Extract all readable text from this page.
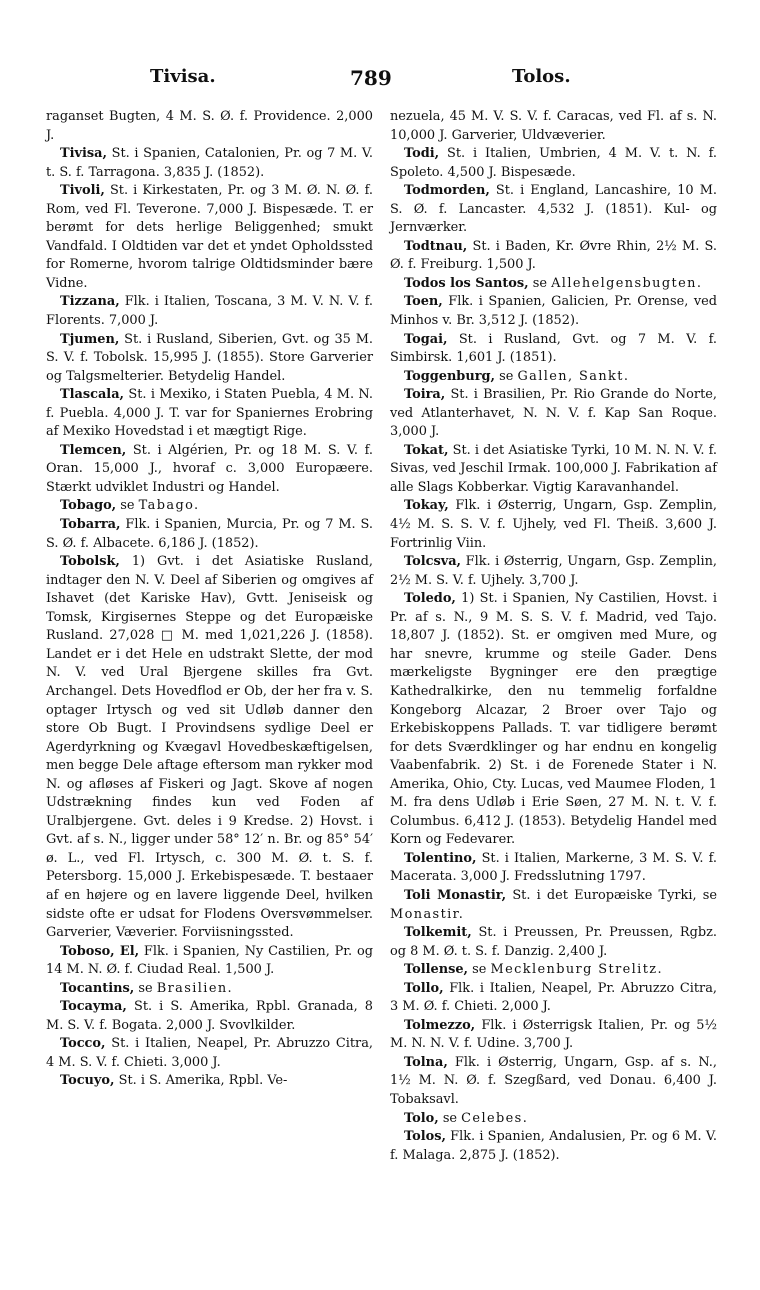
Tivisa.	789	Tolos.

raganset Bugten, 4 M. S. Ø. f. Providence. 2,000 J.

Tivisa, St. i Spanien, Catalonien, Pr. og 7 M. V. t. S. f. Tarragona. 3,835 J. (1852).

Tivoli, St. i Kirkestaten, Pr. og 3 M. Ø. N. Ø. f. Rom, ved Fl. Teverone. 7,000 J. Bispesæde. T. er berømt for dets herlige Beliggenhed; smukt Vandfald. I Oldtiden var det et yndet Opholdssted for Romerne, hvorom talrige Oldtidsminder bære Vidne.

Tizzana, Flk. i Italien, Toscana, 3 M. V. N. V. f. Florents. 7,000 J.

Tjumen, St. i Rusland, Siberien, Gvt. og 35 M. S. V. f. Tobolsk. 15,995 J. (1855). Store Garverier og Talgsmelterier. Betydelig Handel.

Tlascala, St. i Mexiko, i Staten Puebla, 4 M. N. f. Puebla. 4,000 J. T. var for Spaniernes Erobring af Mexiko Hovedstad i et mægtigt Rige.

Tlemcen, St. i Algérien, Pr. og 18 M. S. V. f. Oran. 15,000 J., hvoraf c. 3,000 Europæere. Stærkt udviklet Industri og Handel.

Tobago, se Tabago.

Tobarra, Flk. i Spanien, Murcia, Pr. og 7 M. S. S. Ø. f. Albacete. 6,186 J. (1852).

Tobolsk, 1) Gvt. i det Asiatiske Rusland, indtager den N. V. Deel af Siberien og omgives af Ishavet (det Kariske Hav), Gvtt. Jeniseisk og Tomsk, Kirgisernes Steppe og det Europæiske Rusland. 27,028 □ M. med 1,021,226 J. (1858). Landet er i det Hele en udstrakt Slette, der mod N. V. ved Ural Bjergene skilles fra Gvt. Archangel. Dets Hovedflod er Ob, der her fra v. S. optager Irtysch og ved sit Udløb danner den store Ob Bugt. I Provindsens sydlige Deel er Agerdyrkning og Kvægavl Hovedbeskæftigelsen, men begge Dele aftage eftersom man rykker mod N. og afløses af Fiskeri og Jagt. Skove af nogen Udstrækning findes kun ved Foden af Uralbjergene. Gvt. deles i 9 Kredse. 2) Hovst. i Gvt. af s. N., ligger under 58° 12′ n. Br. og 85° 54′ ø. L., ved Fl. Irtysch, c. 300 M. Ø. t. S. f. Petersborg. 15,000 J. Erkebispesæde. T. bestaaer af en højere og en lavere liggende Deel, hvilken sidste ofte er udsat for Flodens Oversvømmelser. Garverier, Væverier. Forviisningssted.

Toboso, El, Flk. i Spanien, Ny Castilien, Pr. og 14 M. N. Ø. f. Ciudad Real. 1,500 J.

Tocantins, se Brasilien.

Tocayma, St. i S. Amerika, Rpbl. Granada, 8 M. S. V. f. Bogata. 2,000 J. Svovlkilder.

Tocco, St. i Italien, Neapel, Pr. Abruzzo Citra, 4 M. S. V. f. Chieti. 3,000 J.

Tocuyo, St. i S. Amerika, Rpbl. Ve-

nezuela, 45 M. V. S. V. f. Caracas, ved Fl. af s. N. 10,000 J. Garverier, Uldvæverier.

Todi, St. i Italien, Umbrien, 4 M. V. t. N. f. Spoleto. 4,500 J. Bispesæde.

Todmorden, St. i England, Lancashire, 10 M. S. Ø. f. Lancaster. 4,532 J. (1851). Kul- og Jernværker.

Todtnau, St. i Baden, Kr. Øvre Rhin, 2½ M. S. Ø. f. Freiburg. 1,500 J.

Todos los Santos, se Allehelgensbugten.

Toen, Flk. i Spanien, Galicien, Pr. Orense, ved Minhos v. Br. 3,512 J. (1852).

Togai, St. i Rusland, Gvt. og 7 M. V. f. Simbirsk. 1,601 J. (1851).

Toggenburg, se Gallen, Sankt.

Toira, St. i Brasilien, Pr. Rio Grande do Norte, ved Atlanterhavet, N. N. V. f. Kap San Roque. 3,000 J.

Tokat, St. i det Asiatiske Tyrki, 10 M. N. N. V. f. Sivas, ved Jeschil Irmak. 100,000 J. Fabrikation af alle Slags Kobberkar. Vigtig Karavanhandel.

Tokay, Flk. i Østerrig, Ungarn, Gsp. Zemplin, 4½ M. S. S. V. f. Ujhely, ved Fl. Theiß. 3,600 J. Fortrinlig Viin.

Tolcsva, Flk. i Østerrig, Ungarn, Gsp. Zemplin, 2½ M. S. V. f. Ujhely. 3,700 J.

Toledo, 1) St. i Spanien, Ny Castilien, Hovst. i Pr. af s. N., 9 M. S. S. V. f. Madrid, ved Tajo. 18,807 J. (1852). St. er omgiven med Mure, og har snevre, krumme og steile Gader. Dens mærkeligste Bygninger ere den prægtige Kathedralkirke, den nu temmelig forfaldne Kongeborg Alcazar, 2 Broer over Tajo og Erkebiskoppens Pallads. T. var tidligere berømt for dets Sværdklinger og har endnu en kongelig Vaabenfabrik. 2) St. i de Forenede Stater i N. Amerika, Ohio, Cty. Lucas, ved Maumee Floden, 1 M. fra dens Udløb i Erie Søen, 27 M. N. t. V. f. Columbus. 6,412 J. (1853). Betydelig Handel med Korn og Fedevarer.

Tolentino, St. i Italien, Markerne, 3 M. S. V. f. Macerata. 3,000 J. Fredsslutning 1797.

Toli Monastir, St. i det Europæiske Tyrki, se Monastir.

Tolkemit, St. i Preussen, Pr. Preussen, Rgbz. og 8 M. Ø. t. S. f. Danzig. 2,400 J.

Tollense, se Mecklenburg Strelitz.

Tollo, Flk. i Italien, Neapel, Pr. Abruzzo Citra, 3 M. Ø. f. Chieti. 2,000 J.

Tolmezzo, Flk. i Østerrigsk Italien, Pr. og 5½ M. N. N. V. f. Udine. 3,700 J.

Tolna, Flk. i Østerrig, Ungarn, Gsp. af s. N., 1½ M. N. Ø. f. Szegßard, ved Donau. 6,400 J. Tobaksavl.

Tolo, se Celebes.

Tolos, Flk. i Spanien, Andalusien, Pr. og 6 M. V. f. Malaga. 2,875 J. (1852).
